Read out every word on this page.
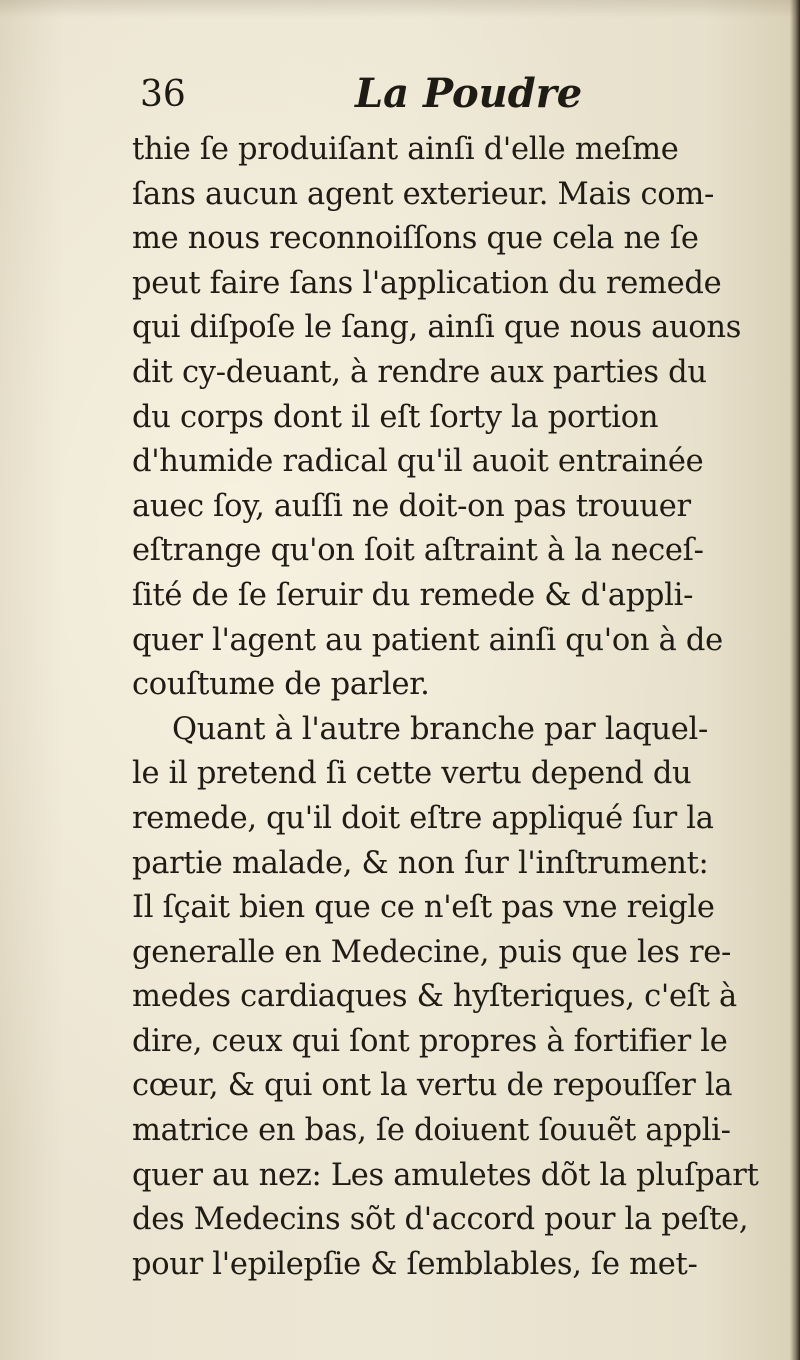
36	La Poudre
thie ſe produiſant ainſi d'elle meſme
ſans aucun agent exterieur. Mais com-
me nous reconnoiſſons que cela ne ſe
peut faire ſans l'application du remede
qui diſpoſe le ſang, ainſi que nous auons
dit cy-deuant, à rendre aux parties du
du corps dont il eſt ſorty la portion
d'humide radical qu'il auoit entrainée
auec ſoy, auſſi ne doit-on pas trouuer
eſtrange qu'on ſoit aſtraint à la neceſ-
ſité de ſe ſeruir du remede & d'appli-
quer l'agent au patient ainſi qu'on à de
couſtume de parler.
Quant à l'autre branche par laquel-
le il pretend ſi cette vertu depend du
remede, qu'il doit eſtre appliqué ſur la
partie malade, & non ſur l'inſtrument:
Il ſçait bien que ce n'eſt pas vne reigle
generalle en Medecine, puis que les re-
medes cardiaques & hyſteriques, c'eſt à
dire, ceux qui ſont propres à fortifier le
cœur, & qui ont la vertu de repouſſer la
matrice en bas, ſe doiuent ſouuẽt appli-
quer au nez: Les amuletes dõt la pluſpart
des Medecins sõt d'accord pour la peſte,
pour l'epilepſie & ſemblables, ſe met-
